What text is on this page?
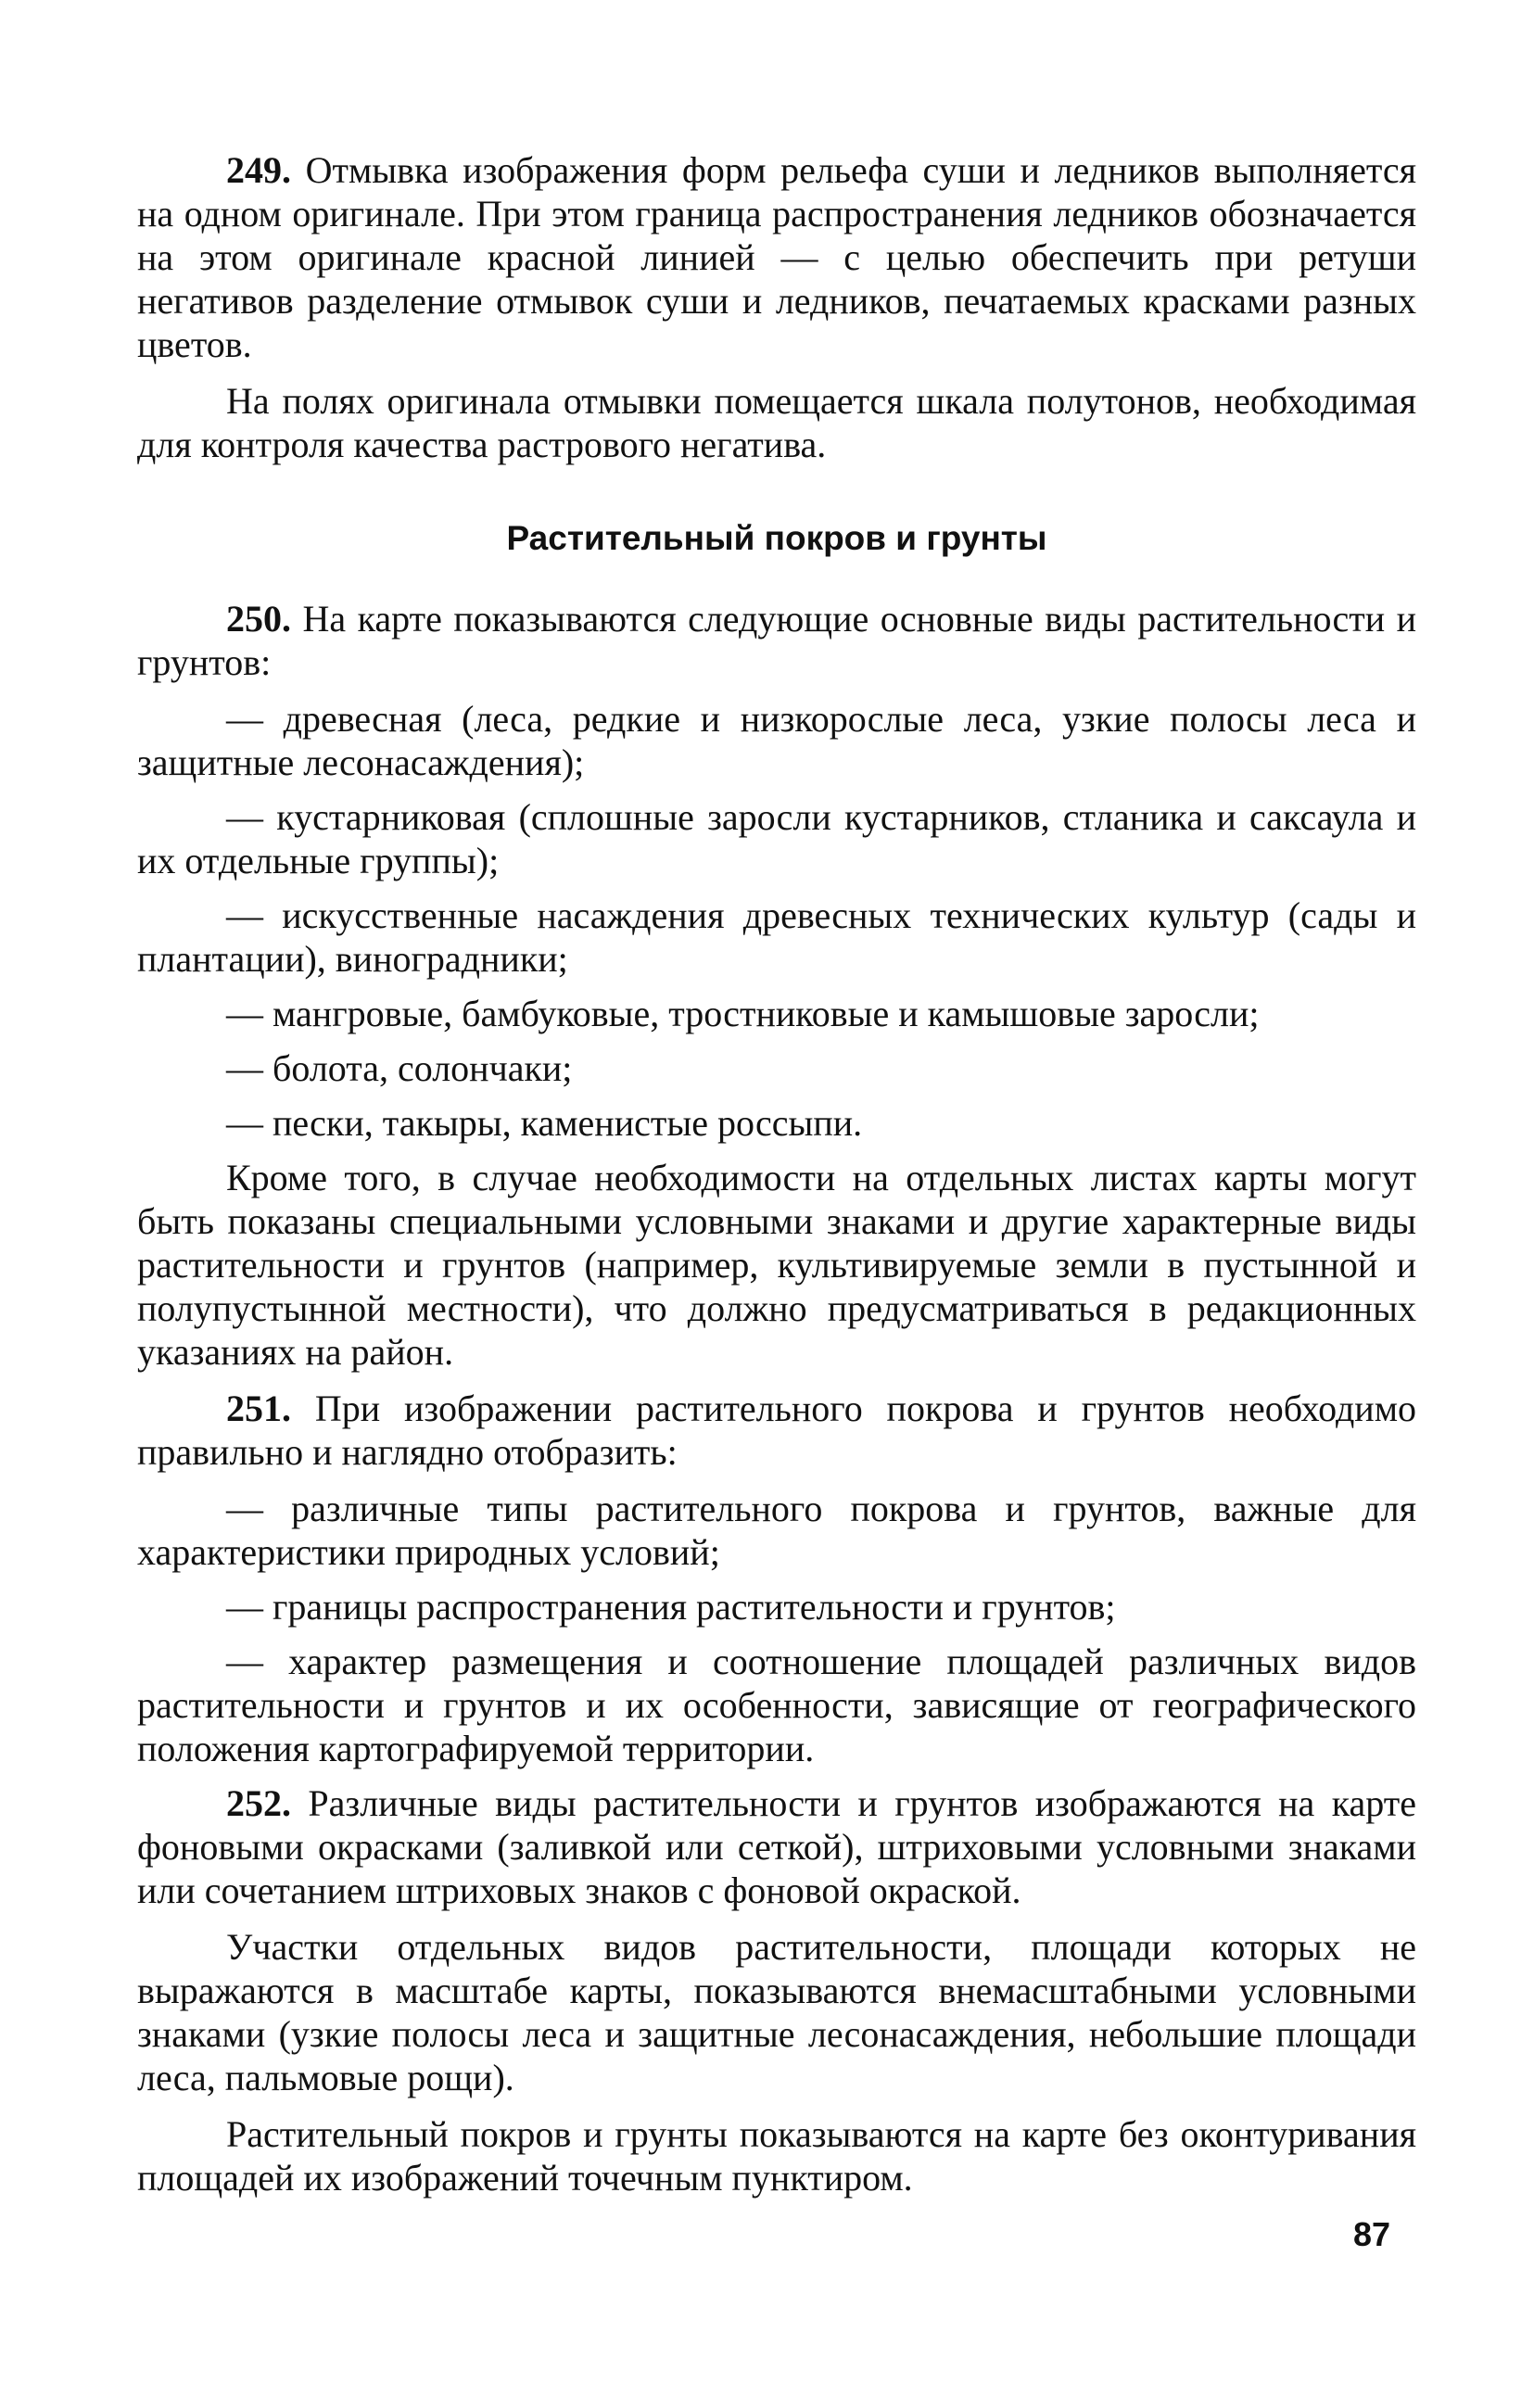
249. Отмывка изображения форм рельефа суши и ледников выполняется на одном оригинале. При этом граница распространения ледников обозначается на этом оригинале красной линией — с целью обеспечить при ретуши негативов разделение отмывок суши и ледников, печатаемых красками разных цветов.

На полях оригинала отмывки помещается шкала полутонов, необходимая для контроля качества растрового негатива.

Растительный покров и грунты

250. На карте показываются следующие основные виды растительности и грунтов:

— древесная (леса, редкие и низкорослые леса, узкие полосы леса и защитные лесонасаждения);

— кустарниковая (сплошные заросли кустарников, стланика и саксаула и их отдельные группы);

— искусственные насаждения древесных технических культур (сады и плантации), виноградники;

— мангровые, бамбуковые, тростниковые и камышовые заросли;

— болота, солончаки;

— пески, такыры, каменистые россыпи.

Кроме того, в случае необходимости на отдельных листах карты могут быть показаны специальными условными знаками и другие характерные виды растительности и грунтов (например, культивируемые земли в пустынной и полупустынной местности), что должно предусматриваться в редакционных указаниях на район.

251. При изображении растительного покрова и грунтов необходимо правильно и наглядно отобразить:

— различные типы растительного покрова и грунтов, важные для характеристики природных условий;

— границы распространения растительности и грунтов;

— характер размещения и соотношение площадей различных видов растительности и грунтов и их особенности, зависящие от географического положения картографируемой территории.

252. Различные виды растительности и грунтов изображаются на карте фоновыми окрасками (заливкой или сеткой), штриховыми условными знаками или сочетанием штриховых знаков с фоновой окраской.

Участки отдельных видов растительности, площади которых не выражаются в масштабе карты, показываются внемасштабными условными знаками (узкие полосы леса и защитные лесонасаждения, небольшие площади леса, пальмовые рощи).

Растительный покров и грунты показываются на карте без оконтуривания площадей их изображений точечным пунктиром.

87
